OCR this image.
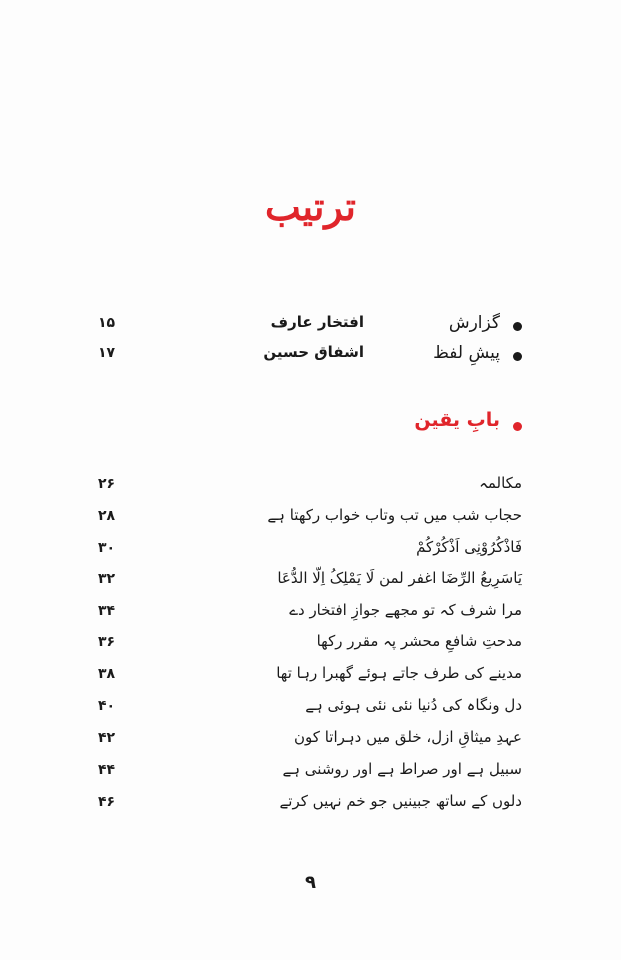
ترتیب
گزارش
افتخار عارف
۱۵
پیشِ لفظ
اشفاق حسین
۱۷
بابِ یقین
مکالمہ
۲۶
حجاب شب میں تب وتاب خواب رکھتا ہے
۲۸
فَاذْکُرُوْنِی اَذْکُرْکُمْ
۳۰
یَاسَرِیعُ الرِّضَا اغفر لمن لَا یَمْلِکُ اِلّا الدُّعَا
۳۲
مرا شرف کہ تو مجھے جوازِ افتخار دے
۳۴
مدحتِ شافعِ محشر پہ مقرر رکھا
۳۶
مدینے کی طرف جاتے ہوئے گھبرا رہا تھا
۳۸
دل ونگاہ کی دُنیا نئی نئی ہوئی ہے
۴۰
عہدِ میثاقِ ازل، خلق میں دہراتا کون
۴۲
سبیل ہے اور صراط ہے اور روشنی ہے
۴۴
دلوں کے ساتھ جبینیں جو خم نہیں کرتے
۴۶
۹
